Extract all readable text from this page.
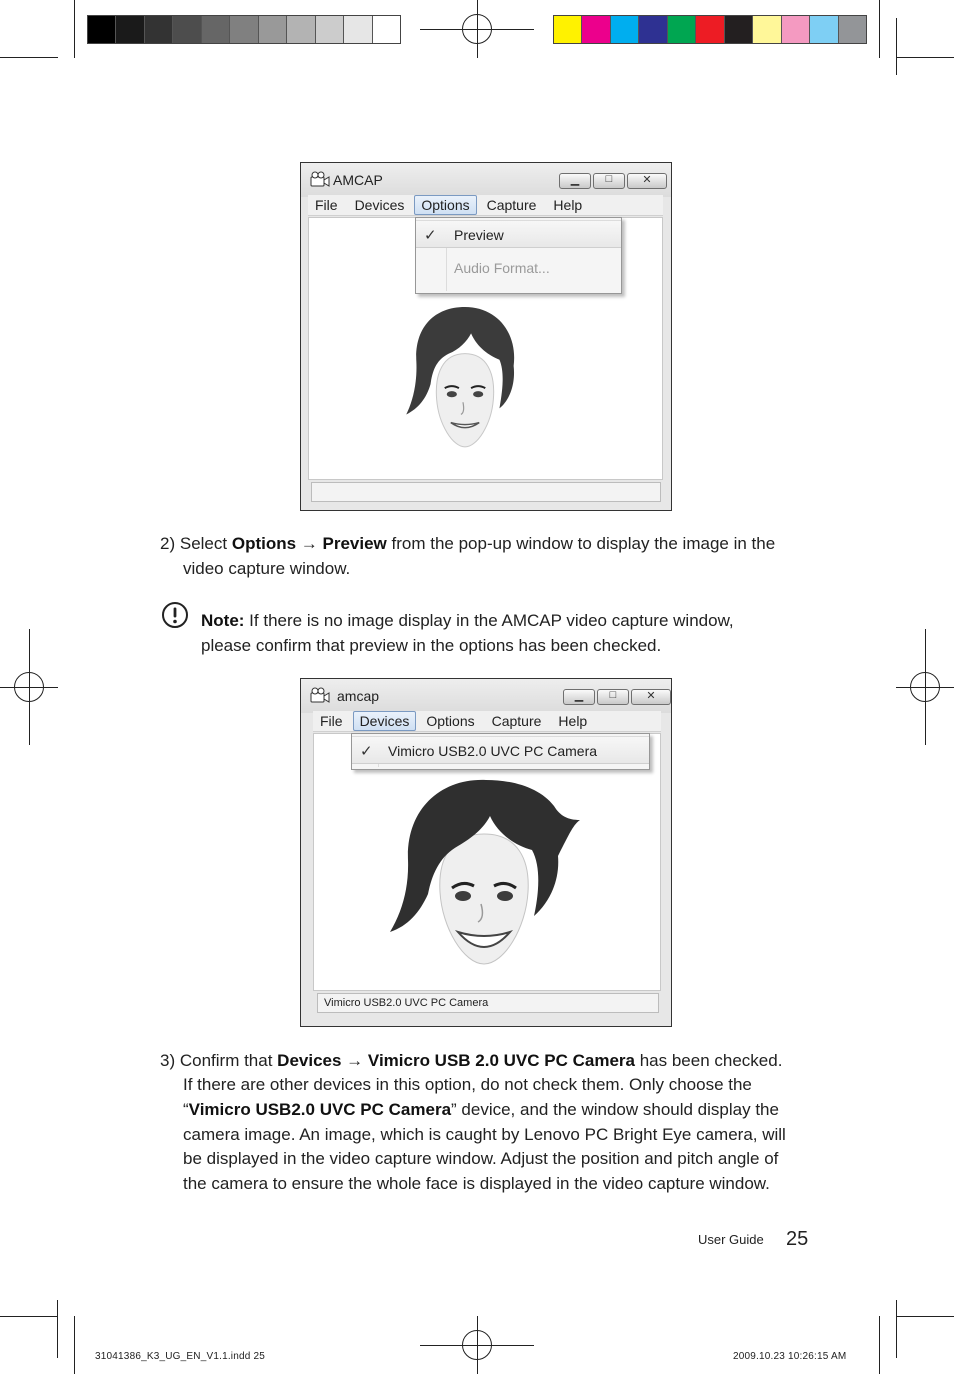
AMCAP	▁	□	✕
File	Devices	Options	Capture	Help
✓ Preview
Audio Format...
2) Select Options → Preview from the pop-up window to display the image in the
video capture window.
Note: If there is no image display in the AMCAP video capture window,
please confirm that preview in the options has been checked.
amcap	▁	□	✕
File	Devices	Options	Capture	Help
Vimicro USB2.0 UVC PC Camera
✓ Vimicro USB2.0 UVC PC Camera
3) Confirm that Devices → Vimicro USB 2.0 UVC PC Camera has been checked.
If there are other devices in this option, do not check them. Only choose the
“Vimicro USB2.0 UVC PC Camera” device, and the window should display the
camera image. An image, which is caught by Lenovo PC Bright Eye camera, will
be displayed in the video capture window. Adjust the position and pitch angle of
the camera to ensure the whole face is displayed in the video capture window.
User Guide 25
31041386_K3_UG_EN_V1.1.indd 25	2009.10.23 10:26:15 AM
